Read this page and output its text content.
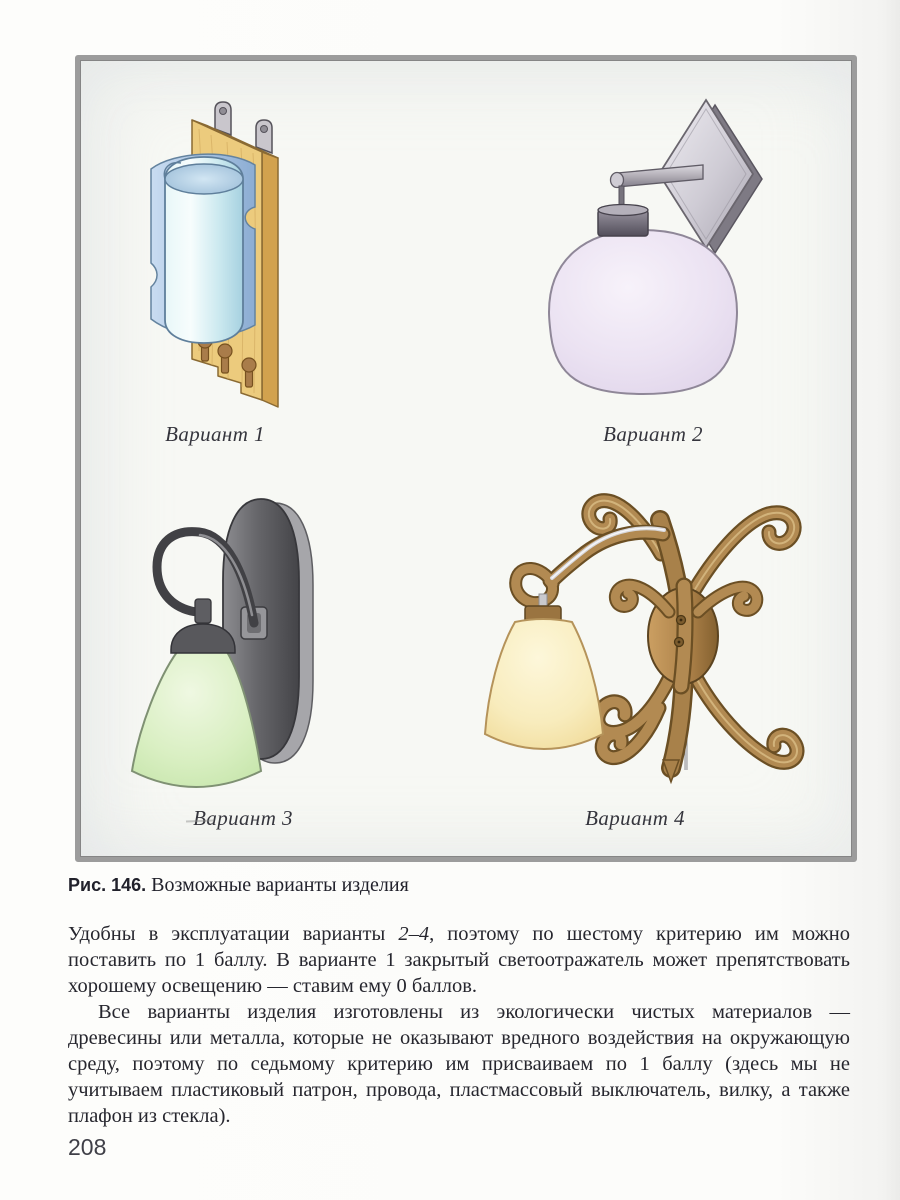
Вариант 1	Вариант 2
Вариант 3	Вариант 4

Рис. 146. Возможные варианты изделия

Удобны в эксплуатации варианты 2–4, поэтому по шестому критерию им можно поставить по 1 баллу. В варианте 1 закрытый светоотражатель может препятствовать хорошему освещению — ставим ему 0 баллов.

Все варианты изделия изготовлены из экологически чистых материалов — древесины или металла, которые не оказывают вредного воздействия на окружающую среду, поэтому по седьмому критерию им присваиваем по 1 баллу (здесь мы не учитываем пластиковый патрон, провода, пластмассовый выключатель, вилку, а также плафон из стекла).

208
